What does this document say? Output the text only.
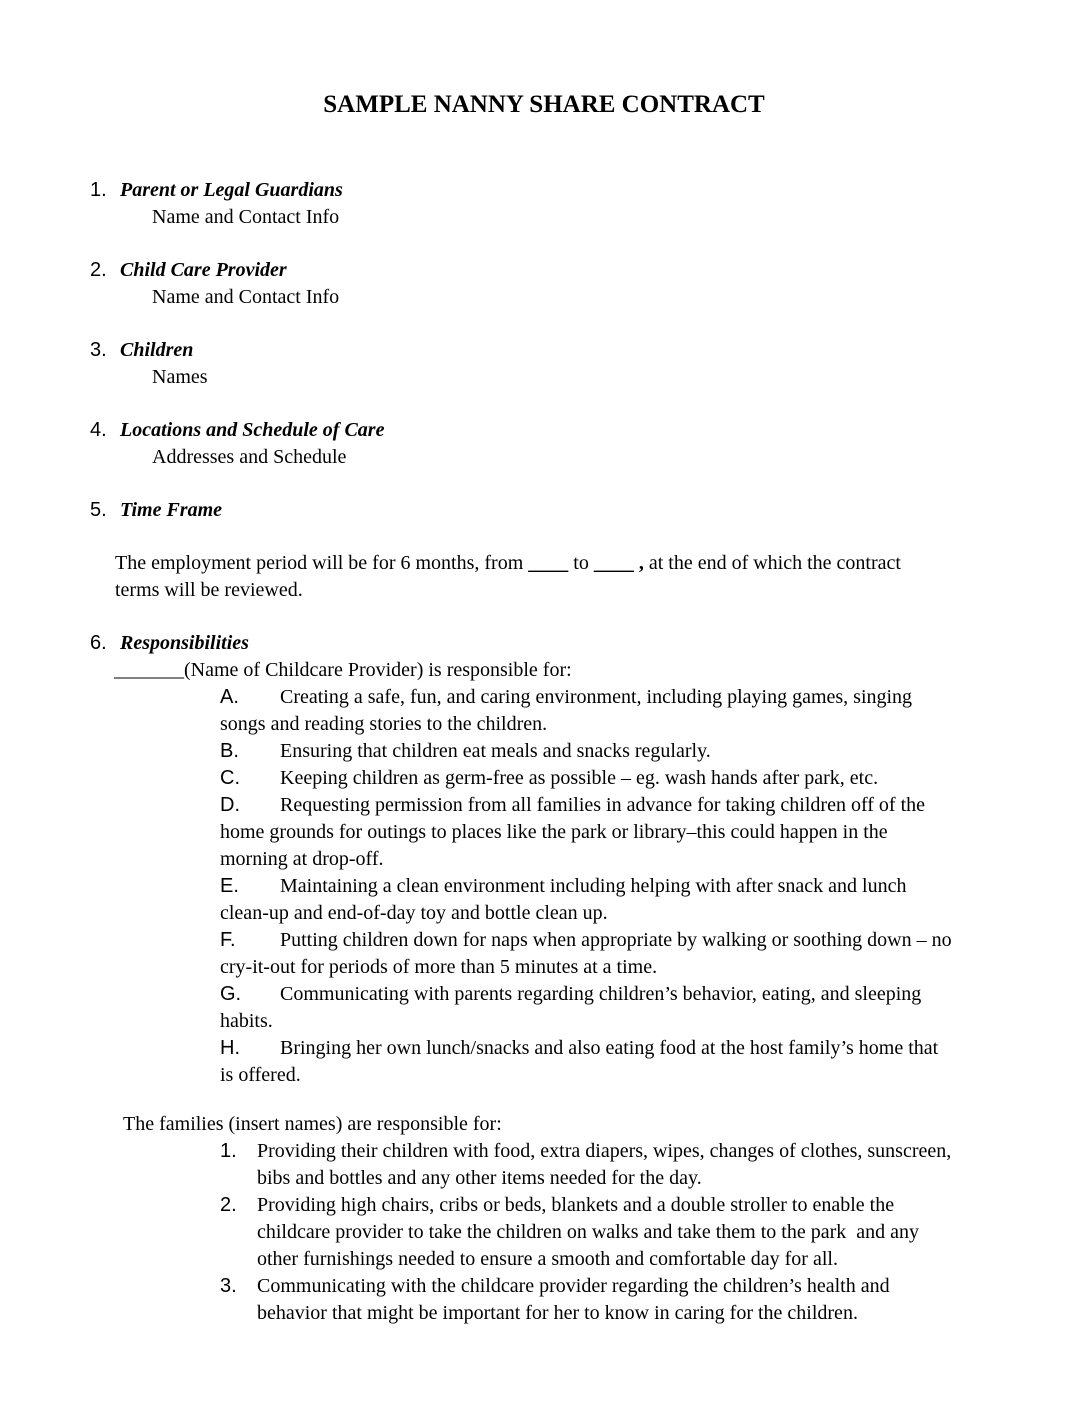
SAMPLE NANNY SHARE CONTRACT
1. Parent or Legal Guardians
Name and Contact Info
2. Child Care Provider
Name and Contact Info
3. Children
Names
4. Locations and Schedule of Care
Addresses and Schedule
5. Time Frame
The employment period will be for 6 months, from ____ to ____ , at the end of which the contract
terms will be reviewed.
6. Responsibilities
_______(Name of Childcare Provider) is responsible for:
A. Creating a safe, fun, and caring environment, including playing games, singing
songs and reading stories to the children.
B. Ensuring that children eat meals and snacks regularly.
C. Keeping children as germ-free as possible – eg. wash hands after park, etc.
D. Requesting permission from all families in advance for taking children off of the
home grounds for outings to places like the park or library–this could happen in the
morning at drop-off.
E. Maintaining a clean environment including helping with after snack and lunch
clean-up and end-of-day toy and bottle clean up.
F. Putting children down for naps when appropriate by walking or soothing down – no
cry-it-out for periods of more than 5 minutes at a time.
G. Communicating with parents regarding children’s behavior, eating, and sleeping
habits.
H. Bringing her own lunch/snacks and also eating food at the host family’s home that
is offered.
The families (insert names) are responsible for:
1. Providing their children with food, extra diapers, wipes, changes of clothes, sunscreen,
bibs and bottles and any other items needed for the day.
2. Providing high chairs, cribs or beds, blankets and a double stroller to enable the
childcare provider to take the children on walks and take them to the park  and any
other furnishings needed to ensure a smooth and comfortable day for all.
3. Communicating with the childcare provider regarding the children’s health and
behavior that might be important for her to know in caring for the children.
